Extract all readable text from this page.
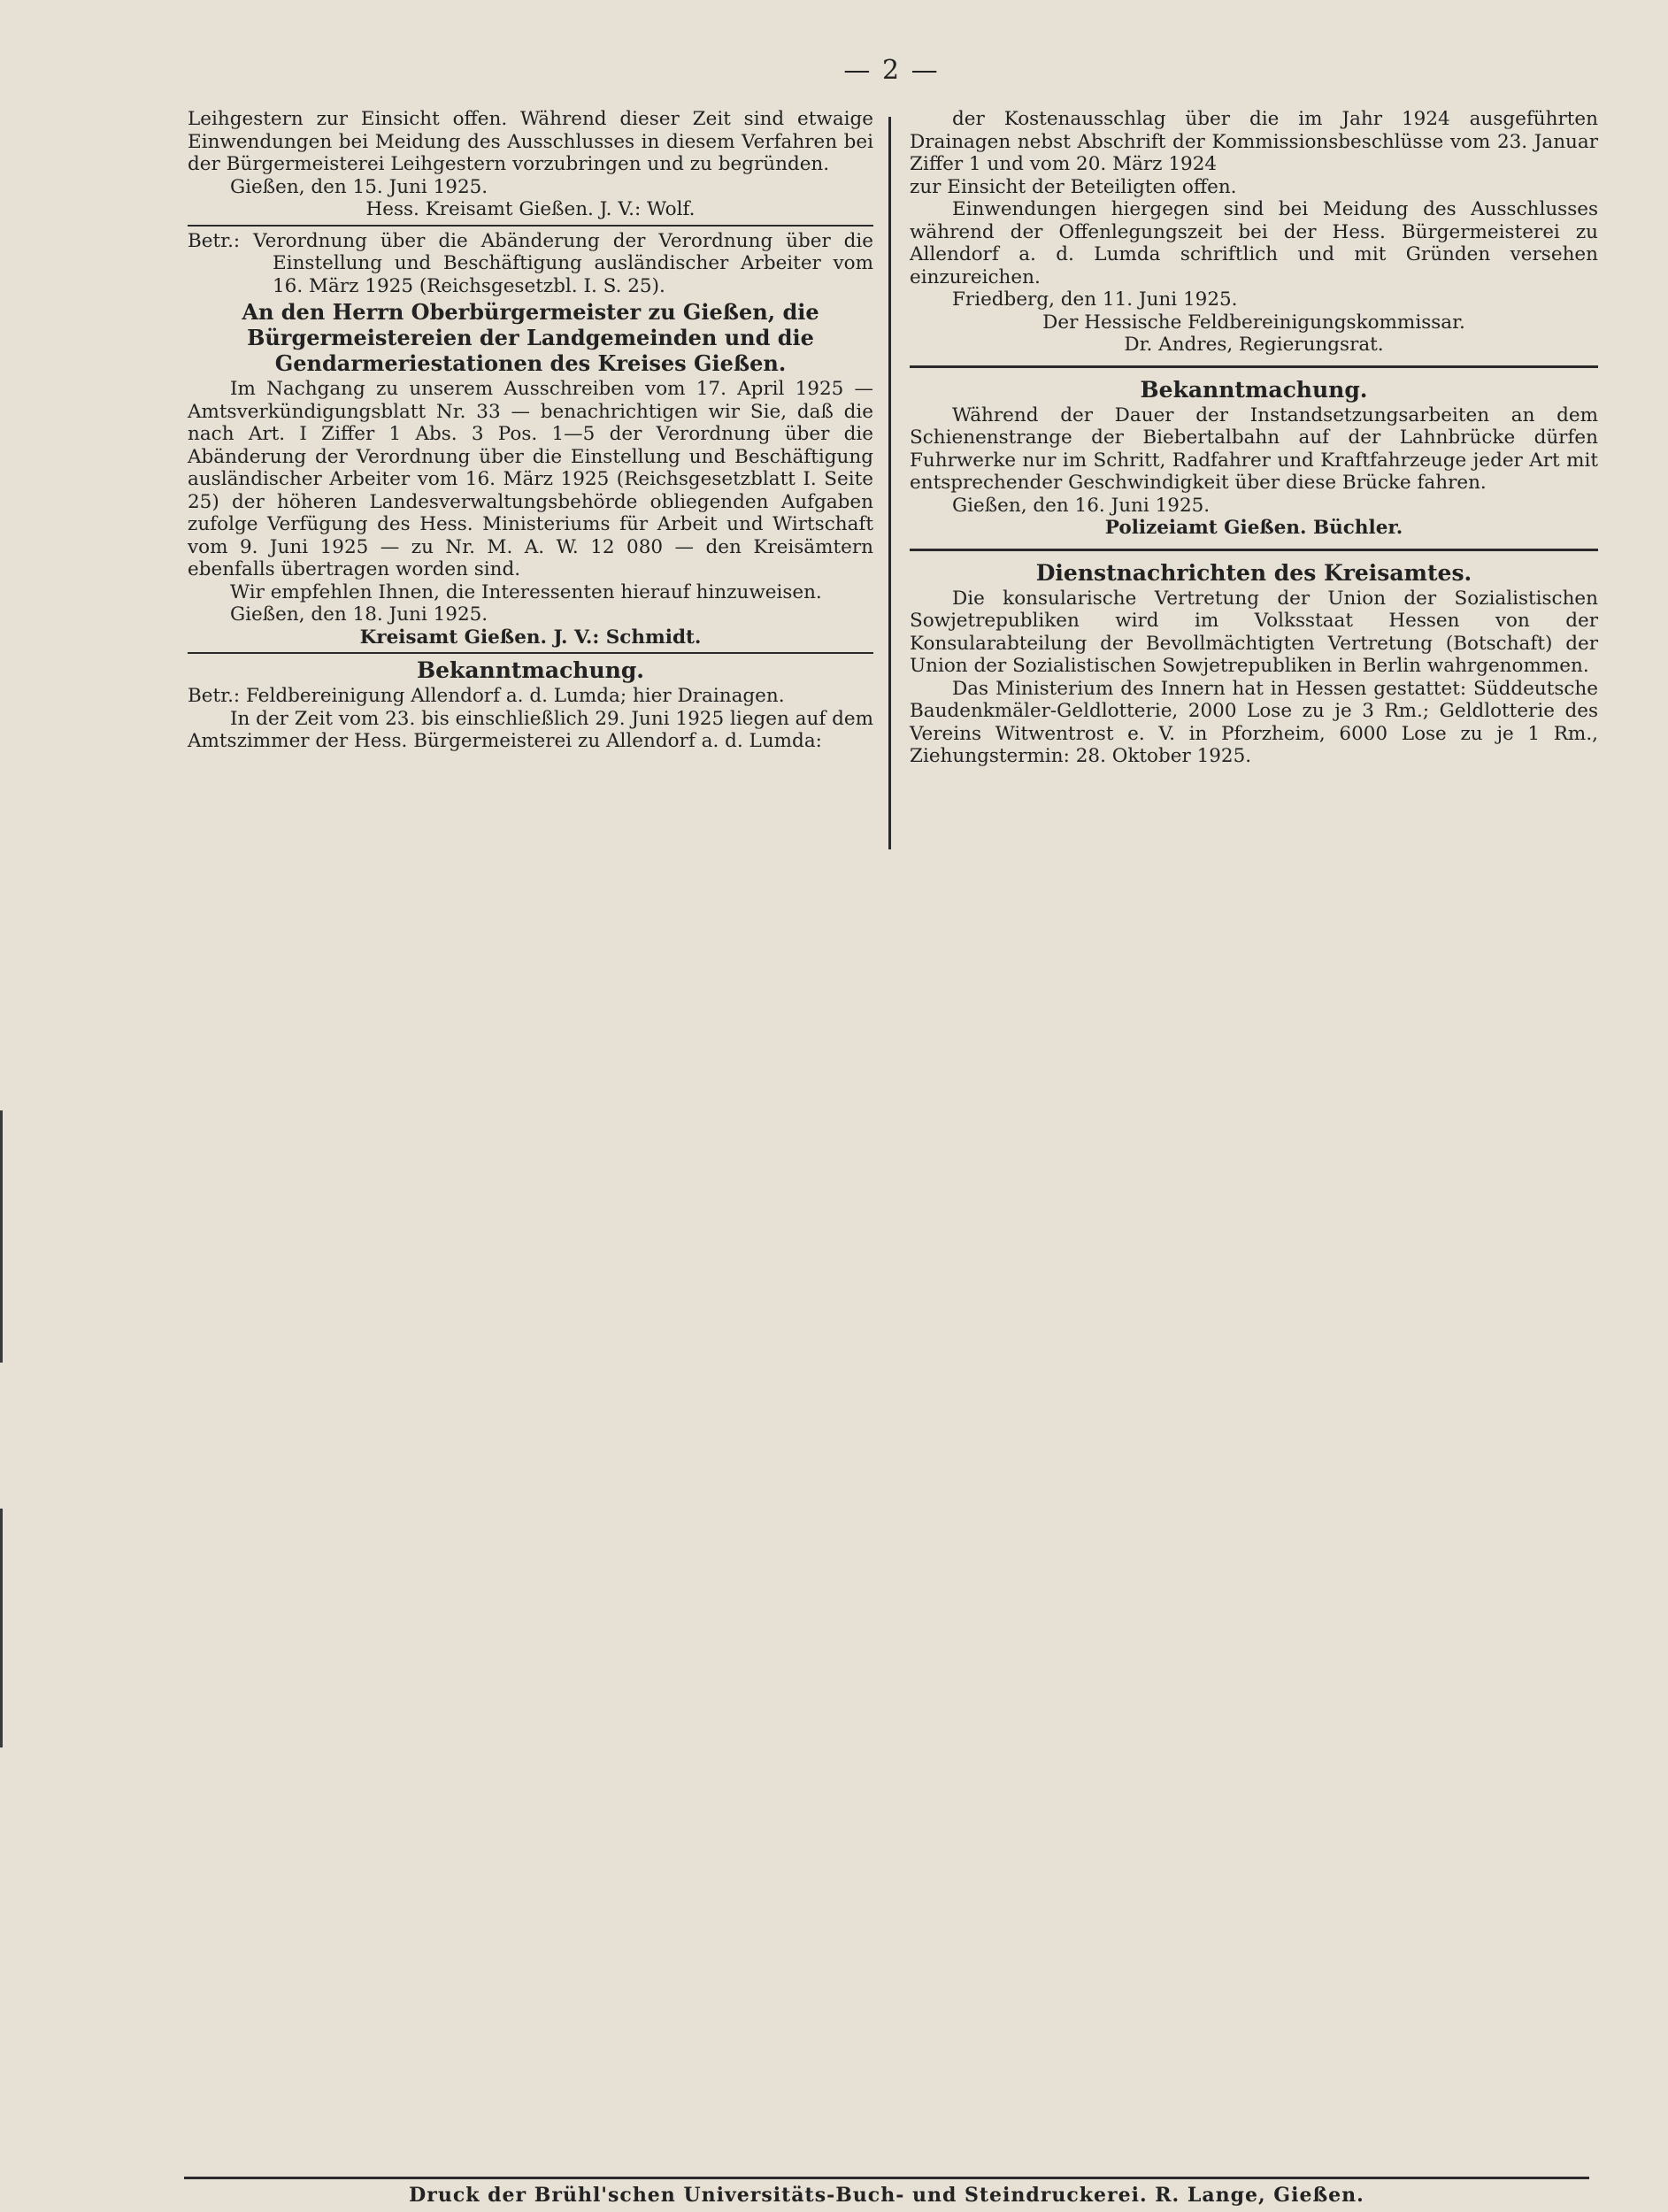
— 2 —

Leihgestern zur Einsicht offen. Während dieser Zeit sind etwaige Einwendungen bei Meidung des Ausschlusses in diesem Verfahren bei der Bürgermeisterei Leihgestern vorzubringen und zu begründen.

Gießen, den 15. Juni 1925.

Hess. Kreisamt Gießen. J. V.: Wolf.

Betr.: Verordnung über die Abänderung der Verordnung über die Einstellung und Beschäftigung ausländischer Arbeiter vom 16. März 1925 (Reichsgesetzbl. I. S. 25).

An den Herrn Oberbürgermeister zu Gießen, die Bürgermeistereien der Landgemeinden und die Gendarmeriestationen des Kreises Gießen.

Im Nachgang zu unserem Ausschreiben vom 17. April 1925 — Amtsverkündigungsblatt Nr. 33 — benachrichtigen wir Sie, daß die nach Art. I Ziffer 1 Abs. 3 Pos. 1—5 der Verordnung über die Abänderung der Verordnung über die Einstellung und Beschäftigung ausländischer Arbeiter vom 16. März 1925 (Reichsgesetzblatt I. Seite 25) der höheren Landesverwaltungsbehörde obliegenden Aufgaben zufolge Verfügung des Hess. Ministeriums für Arbeit und Wirtschaft vom 9. Juni 1925 — zu Nr. M. A. W. 12 080 — den Kreisämtern ebenfalls übertragen worden sind.

Wir empfehlen Ihnen, die Interessenten hierauf hinzuweisen.

Gießen, den 18. Juni 1925.

Kreisamt Gießen. J. V.: Schmidt.

Bekanntmachung.

Betr.: Feldbereinigung Allendorf a. d. Lumda; hier Drainagen.

In der Zeit vom 23. bis einschließlich 29. Juni 1925 liegen auf dem Amtszimmer der Hess. Bürgermeisterei zu Allendorf a. d. Lumda:

der Kostenausschlag über die im Jahr 1924 ausgeführten Drainagen nebst Abschrift der Kommissionsbeschlüsse vom 23. Januar Ziffer 1 und vom 20. März 1924

zur Einsicht der Beteiligten offen.

Einwendungen hiergegen sind bei Meidung des Ausschlusses während der Offenlegungszeit bei der Hess. Bürgermeisterei zu Allendorf a. d. Lumda schriftlich und mit Gründen versehen einzureichen.

Friedberg, den 11. Juni 1925.

Der Hessische Feldbereinigungskommissar.

Dr. Andres, Regierungsrat.

Bekanntmachung.

Während der Dauer der Instandsetzungsarbeiten an dem Schienenstrange der Biebertalbahn auf der Lahnbrücke dürfen Fuhrwerke nur im Schritt, Radfahrer und Kraftfahrzeuge jeder Art mit entsprechender Geschwindigkeit über diese Brücke fahren.

Gießen, den 16. Juni 1925.

Polizeiamt Gießen. Büchler.

Dienstnachrichten des Kreisamtes.

Die konsularische Vertretung der Union der Sozialistischen Sowjetrepubliken wird im Volksstaat Hessen von der Konsularabteilung der Bevollmächtigten Vertretung (Botschaft) der Union der Sozialistischen Sowjetrepubliken in Berlin wahrgenommen.

Das Ministerium des Innern hat in Hessen gestattet: Süddeutsche Baudenkmäler-Geldlotterie, 2000 Lose zu je 3 Rm.; Geldlotterie des Vereins Witwentrost e. V. in Pforzheim, 6000 Lose zu je 1 Rm., Ziehungstermin: 28. Oktober 1925.

Druck der Brühl'schen Universitäts-Buch- und Steindruckerei. R. Lange, Gießen.
